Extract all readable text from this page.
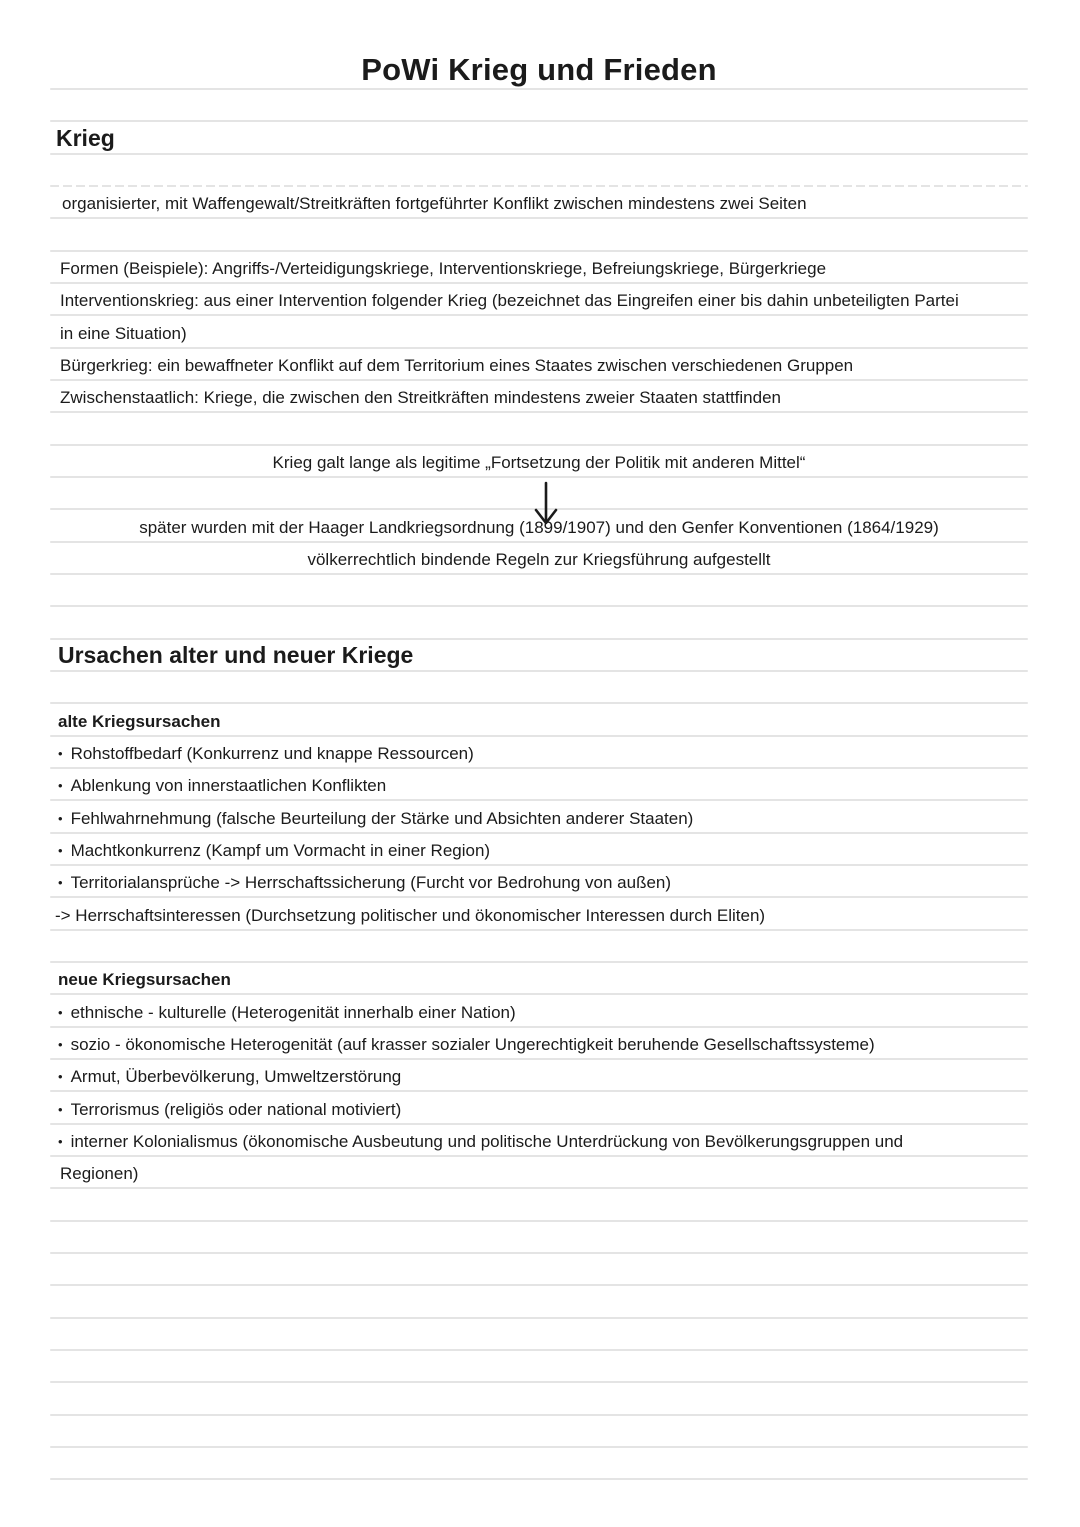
PoWi Krieg und Frieden
Krieg
organisierter, mit Waffengewalt/Streitkräften fortgeführter Konflikt zwischen mindestens zwei Seiten
Formen (Beispiele): Angriffs-/Verteidigungskriege, Interventionskriege, Befreiungskriege, Bürgerkriege
Interventionskrieg: aus einer Intervention folgender Krieg (bezeichnet das Eingreifen einer bis dahin unbeteiligten Partei
in eine Situation)
Bürgerkrieg: ein bewaffneter Konflikt auf dem Territorium eines Staates zwischen verschiedenen Gruppen
Zwischenstaatlich: Kriege, die zwischen den Streitkräften mindestens zweier Staaten stattfinden
Krieg galt lange als legitime „Fortsetzung der Politik mit anderen Mittel“
später wurden mit der Haager Landkriegsordnung (1899/1907) und den Genfer Konventionen (1864/1929)
völkerrechtlich bindende Regeln zur Kriegsführung aufgestellt
Ursachen alter und neuer Kriege
alte Kriegsursachen
• Rohstoffbedarf (Konkurrenz und knappe Ressourcen)
• Ablenkung von innerstaatlichen Konflikten
• Fehlwahrnehmung (falsche Beurteilung der Stärke und Absichten anderer Staaten)
• Machtkonkurrenz (Kampf um Vormacht in einer Region)
• Territorialansprüche -> Herrschaftssicherung (Furcht vor Bedrohung von außen)
-> Herrschaftsinteressen (Durchsetzung politischer und ökonomischer Interessen durch Eliten)
neue Kriegsursachen
• ethnische - kulturelle (Heterogenität innerhalb einer Nation)
• sozio - ökonomische Heterogenität (auf krasser sozialer Ungerechtigkeit beruhende Gesellschaftssysteme)
• Armut, Überbevölkerung, Umweltzerstörung
• Terrorismus (religiös oder national motiviert)
• interner Kolonialismus (ökonomische Ausbeutung und politische Unterdrückung von Bevölkerungsgruppen und
Regionen)
